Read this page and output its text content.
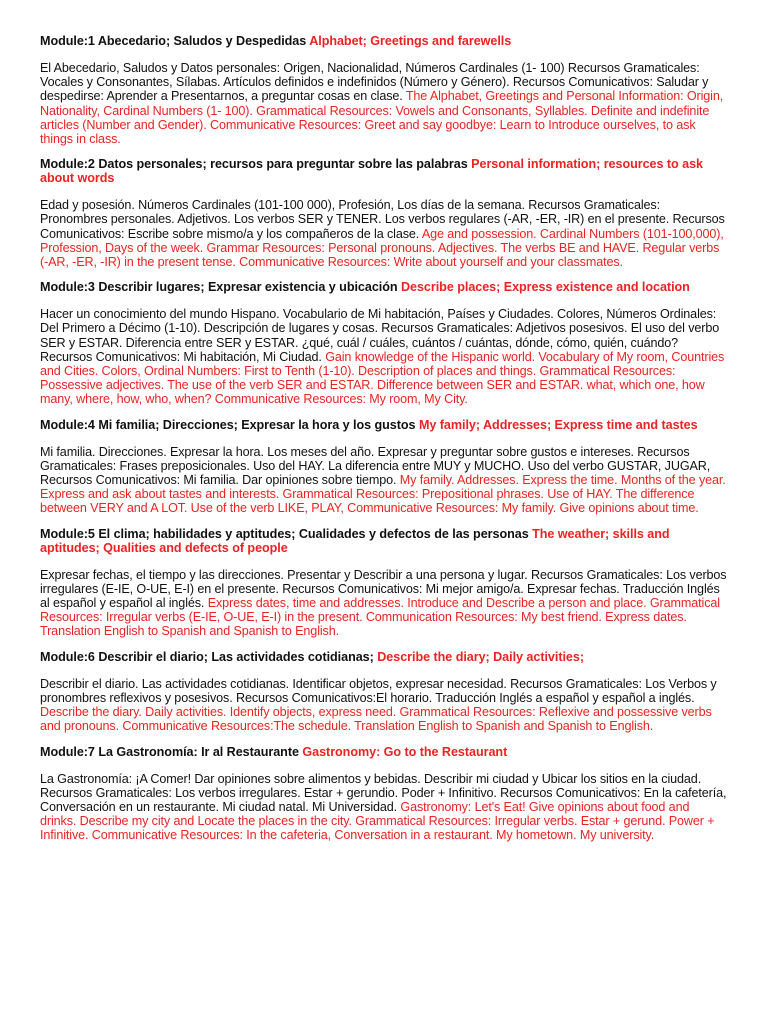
Module:1 Abecedario; Saludos y Despedidas Alphabet; Greetings and farewells

El Abecedario, Saludos y Datos personales: Origen, Nacionalidad, Números Cardinales (1- 100) Recursos Gramaticales: Vocales y Consonantes, Sílabas. Artículos definidos e indefinidos (Número y Género). Recursos Comunicativos: Saludar y despedirse: Aprender a Presentarnos, a preguntar cosas en clase. The Alphabet, Greetings and Personal Information: Origin, Nationality, Cardinal Numbers (1- 100). Grammatical Resources: Vowels and Consonants, Syllables. Definite and indefinite articles (Number and Gender). Communicative Resources: Greet and say goodbye: Learn to Introduce ourselves, to ask things in class.

Module:2 Datos personales; recursos para preguntar sobre las palabras Personal information; resources to ask about words

Edad y posesión. Números Cardinales (101-100 000), Profesión, Los días de la semana. Recursos Gramaticales: Pronombres personales. Adjetivos. Los verbos SER y TENER. Los verbos regulares (-AR, -ER, -IR) en el presente. Recursos Comunicativos: Escribe sobre mismo/a y los compañeros de la clase. Age and possession. Cardinal Numbers (101-100,000), Profession, Days of the week. Grammar Resources: Personal pronouns. Adjectives. The verbs BE and HAVE. Regular verbs (-AR, -ER, -IR) in the present tense. Communicative Resources: Write about yourself and your classmates.

Module:3 Describir lugares; Expresar existencia y ubicación Describe places; Express existence and location

Hacer un conocimiento del mundo Hispano. Vocabulario de Mi habitación, Países y Ciudades. Colores, Números Ordinales: Del Primero a Décimo (1-10). Descripción de lugares y cosas. Recursos Gramaticales: Adjetivos posesivos. El uso del verbo SER y ESTAR. Diferencia entre SER y ESTAR. ¿qué, cuál / cuáles, cuántos / cuántas, dónde, cómo, quién, cuándo? Recursos Comunicativos: Mi habitación, Mi Ciudad. Gain knowledge of the Hispanic world. Vocabulary of My room, Countries and Cities. Colors, Ordinal Numbers: First to Tenth (1-10). Description of places and things. Grammatical Resources: Possessive adjectives. The use of the verb SER and ESTAR. Difference between SER and ESTAR. what, which one, how many, where, how, who, when? Communicative Resources: My room, My City.

Module:4 Mi familia; Direcciones; Expresar la hora y los gustos My family; Addresses; Express time and tastes

Mi familia. Direcciones. Expresar la hora. Los meses del año. Expresar y preguntar sobre gustos e intereses. Recursos Gramaticales: Frases preposicionales. Uso del HAY. La diferencia entre MUY y MUCHO. Uso del verbo GUSTAR, JUGAR, Recursos Comunicativos: Mi familia. Dar opiniones sobre tiempo. My family. Addresses. Express the time. Months of the year. Express and ask about tastes and interests. Grammatical Resources: Prepositional phrases. Use of HAY. The difference between VERY and A LOT. Use of the verb LIKE, PLAY, Communicative Resources: My family. Give opinions about time.

Module:5 El clima; habilidades y aptitudes; Cualidades y defectos de las personas The weather; skills and aptitudes; Qualities and defects of people

Expresar fechas, el tiempo y las direcciones. Presentar y Describir a una persona y lugar. Recursos Gramaticales: Los verbos irregulares (E-IE, O-UE, E-I) en el presente. Recursos Comunicativos: Mi mejor amigo/a. Expresar fechas. Traducción Inglés al español y español al inglés. Express dates, time and addresses. Introduce and Describe a person and place. Grammatical Resources: Irregular verbs (E-IE, O-UE, E-I) in the present. Communication Resources: My best friend. Express dates. Translation English to Spanish and Spanish to English.

Module:6 Describir el diario; Las actividades cotidianas; Describe the diary; Daily activities;

Describir el diario. Las actividades cotidianas. Identificar objetos, expresar necesidad. Recursos Gramaticales: Los Verbos y pronombres reflexivos y posesivos. Recursos Comunicativos:El horario. Traducción Inglés a español y español a inglés. Describe the diary. Daily activities. Identify objects, express need. Grammatical Resources: Reflexive and possessive verbs and pronouns. Communicative Resources:The schedule. Translation English to Spanish and Spanish to English.

Module:7 La Gastronomía: Ir al Restaurante Gastronomy: Go to the Restaurant

La Gastronomía: ¡A Comer! Dar opiniones sobre alimentos y bebidas. Describir mi ciudad y Ubicar los sitios en la ciudad. Recursos Gramaticales: Los verbos irregulares. Estar + gerundio. Poder + Infinitivo. Recursos Comunicativos: En la cafetería, Conversación en un restaurante. Mi ciudad natal. Mi Universidad. Gastronomy: Let's Eat! Give opinions about food and drinks. Describe my city and Locate the places in the city. Grammatical Resources: Irregular verbs. Estar + gerund. Power + Infinitive. Communicative Resources: In the cafeteria, Conversation in a restaurant. My hometown. My university.
